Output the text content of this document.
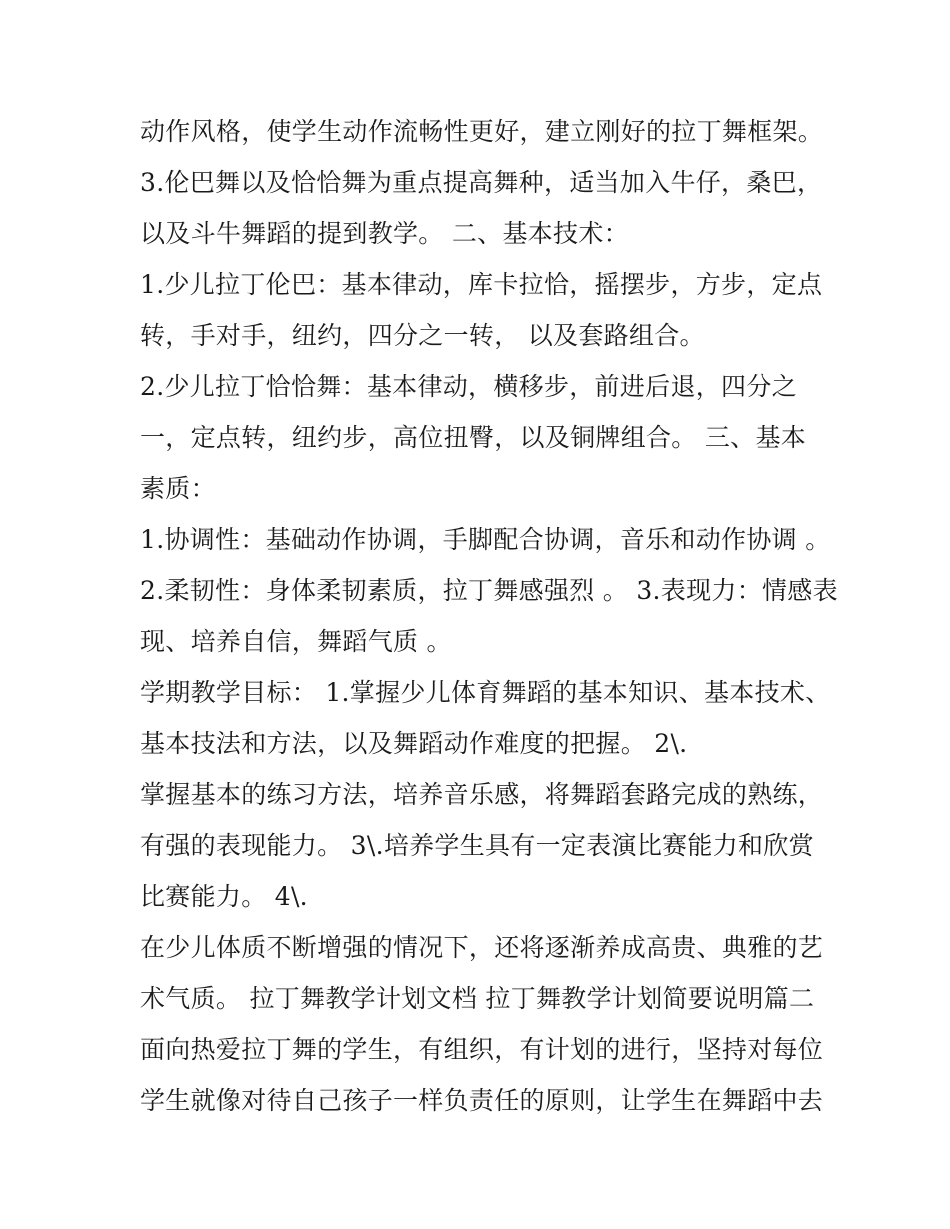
动作风格，使学生动作流畅性更好，建立刚好的拉丁舞框架。
3.伦巴舞以及恰恰舞为重点提高舞种，适当加入牛仔，桑巴，
以及斗牛舞蹈的提到教学。 二、基本技术：
1.少儿拉丁伦巴：基本律动，库卡拉恰，摇摆步，方步，定点
转，手对手，纽约，四分之一转， 以及套路组合。
2.少儿拉丁恰恰舞：基本律动，横移步，前进后退，四分之
一，定点转，纽约步，高位扭臀，以及铜牌组合。 三、基本
素质：
1.协调性：基础动作协调，手脚配合协调，音乐和动作协调 。
2.柔韧性：身体柔韧素质，拉丁舞感强烈 。 3.表现力：情感表
现、培养自信，舞蹈气质 。
学期教学目标： 1.掌握少儿体育舞蹈的基本知识、基本技术、
基本技法和方法，以及舞蹈动作难度的把握。 2\.
掌握基本的练习方法，培养音乐感，将舞蹈套路完成的熟练，
有强的表现能力。 3\.培养学生具有一定表演比赛能力和欣赏
比赛能力。 4\.
在少儿体质不断增强的情况下，还将逐渐养成高贵、典雅的艺
术气质。 拉丁舞教学计划文档 拉丁舞教学计划简要说明篇二
面向热爱拉丁舞的学生，有组织，有计划的进行，坚持对每位
学生就像对待自己孩子一样负责任的原则，让学生在舞蹈中去
